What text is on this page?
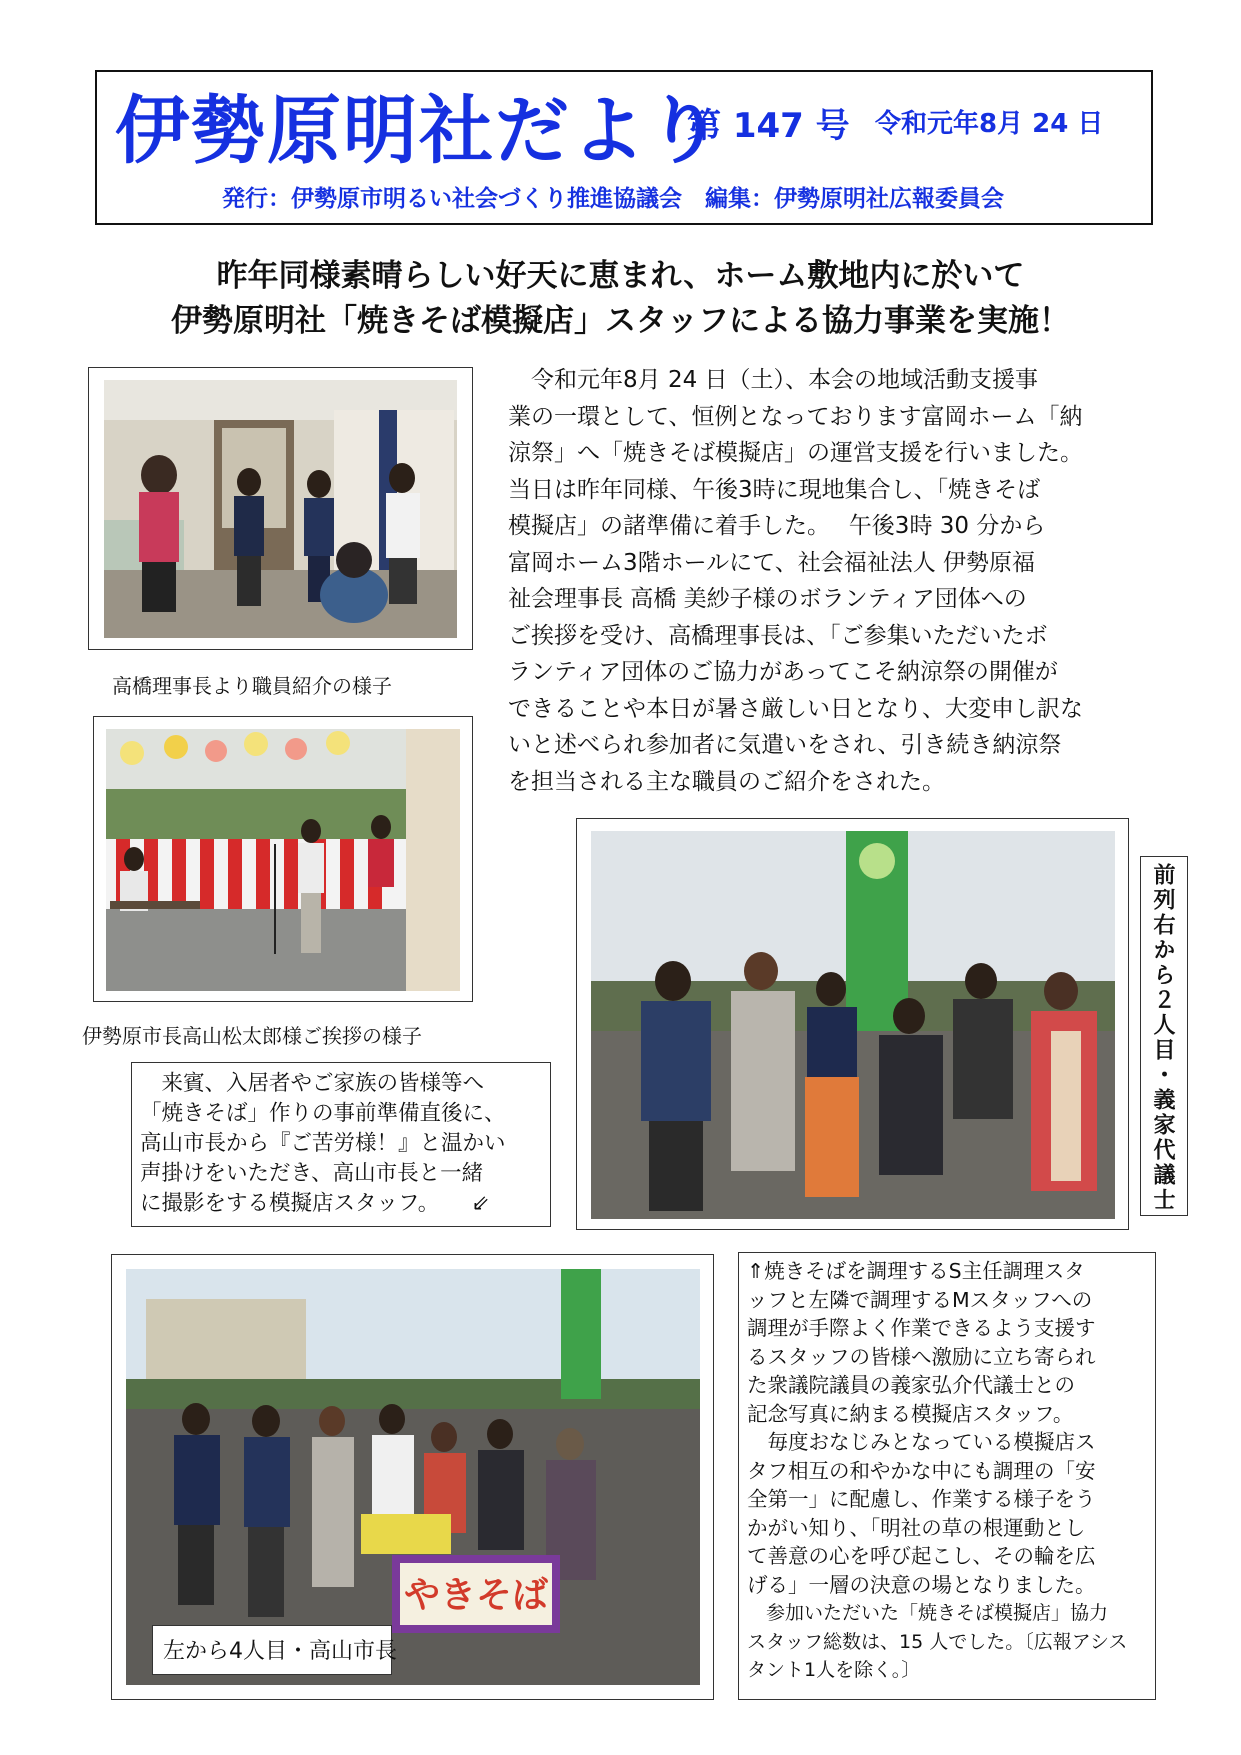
伊勢原明社だより
第 147 号 令和元年8月 24 日
発行：伊勢原市明るい社会づくり推進協議会　編集：伊勢原明社広報委員会
昨年同様素晴らしい好天に恵まれ、ホーム敷地内に於いて
伊勢原明社「焼きそば模擬店」スタッフによる協力事業を実施！
高橋理事長より職員紹介の様子
伊勢原市長高山松太郎様ご挨拶の様子
　令和元年8月 24 日（土）、本会の地域活動支援事
業の一環として、恒例となっております富岡ホーム「納
涼祭」へ「焼きそば模擬店」の運営支援を行いました。
当日は昨年同様、午後3時に現地集合し、「焼きそば
模擬店」の諸準備に着手した。　 午後3時 30 分から
富岡ホーム3階ホールにて、社会福祉法人 伊勢原福
祉会理事長 高橋 美紗子様のボランティア団体への
ご挨拶を受け、高橋理事長は、「ご参集いただいたボ
ランティア団体のご協力があってこそ納涼祭の開催が
できることや本日が暑さ厳しい日となり、大変申し訳な
いと述べられ参加者に気遣いをされ、引き続き納涼祭
を担当される主な職員のご紹介をされた。
　来賓、入居者やご家族の皆様等へ
「焼きそば」作りの事前準備直後に、
高山市長から『ご苦労様！』と温かい
声掛けをいただき、高山市長と一緒
に撮影をする模擬店スタッフ。　　⇙	前列右から２人目・義家代議士
やきそば
左から4人目・高山市長
⇑焼きそばを調理するS主任調理スタ
ッフと左隣で調理するMスタッフへの
調理が手際よく作業できるよう支援す
るスタッフの皆様へ激励に立ち寄られ
た衆議院議員の義家弘介代議士との
記念写真に納まる模擬店スタッフ。
　毎度おなじみとなっている模擬店ス
タフ相互の和やかな中にも調理の「安
全第一」に配慮し、作業する様子をう
かがい知り、「明社の草の根運動とし
て善意の心を呼び起こし、その輪を広
げる」一層の決意の場となりました。
　参加いただいた「焼きそば模擬店」協力
スタッフ総数は、15 人でした。〔広報アシス
タント1人を除く。〕
